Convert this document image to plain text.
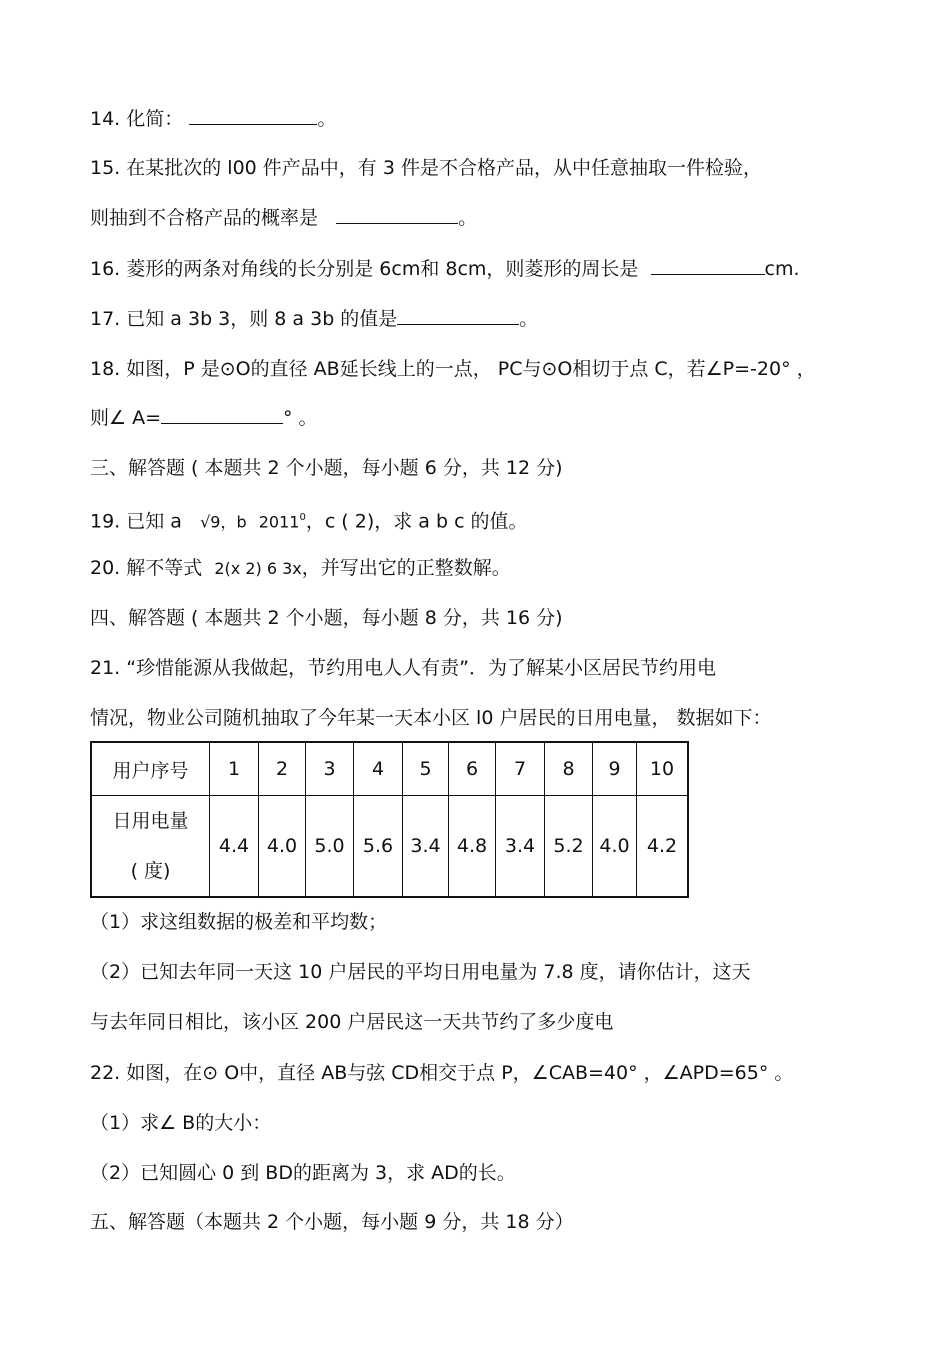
14. 化简：	。
15. 在某批次的 l00 件产品中，有 3 件是不合格产品，从中任意抽取一件检验，
则抽到不合格产品的概率是	。
16. 菱形的两条对角线的长分别是 6cm和 8cm，则菱形的周长是	cm.
17. 已知 a 3b 3，则 8 a 3b 的值是	。
18. 如图，P 是⊙O的直径 AB延长线上的一点， PC与⊙O相切于点 C，若∠P=-20° ，
则∠ A=	° 。
三、解答题 ( 本题共 2 个小题，每小题 6 分，共 12 分)
19. 已知 a √9，b 2011$^0$，c ( 2)，求 a b c 的值。
20. 解不等式 2(x 2) 6 3x，并写出它的正整数解。
四、解答题 ( 本题共 2 个小题，每小题 8 分，共 16 分)
21. “珍惜能源从我做起，节约用电人人有责”．为了解某小区居民节约用电
情况，物业公司随机抽取了今年某一天本小区 l0 户居民的日用电量， 数据如下：
用户序号	1	2	3	4	5	6	7	8	9	10

日用电量
( 度)	4.4	4.0	5.0	5.6	3.4	4.8	3.4	5.2	4.0	4.2
（1）求这组数据的极差和平均数；
（2）已知去年同一天这 10 户居民的平均日用电量为 7.8 度，请你估计，这天
与去年同日相比，该小区 200 户居民这一天共节约了多少度电
22. 如图，在⊙ O中，直径 AB与弦 CD相交于点 P，∠CAB=40° ，∠APD=65° 。
（1）求∠ B的大小：
（2）已知圆心 0 到 BD的距离为 3，求 AD的长。
五、解答题（本题共 2 个小题，每小题 9 分，共 18 分）
